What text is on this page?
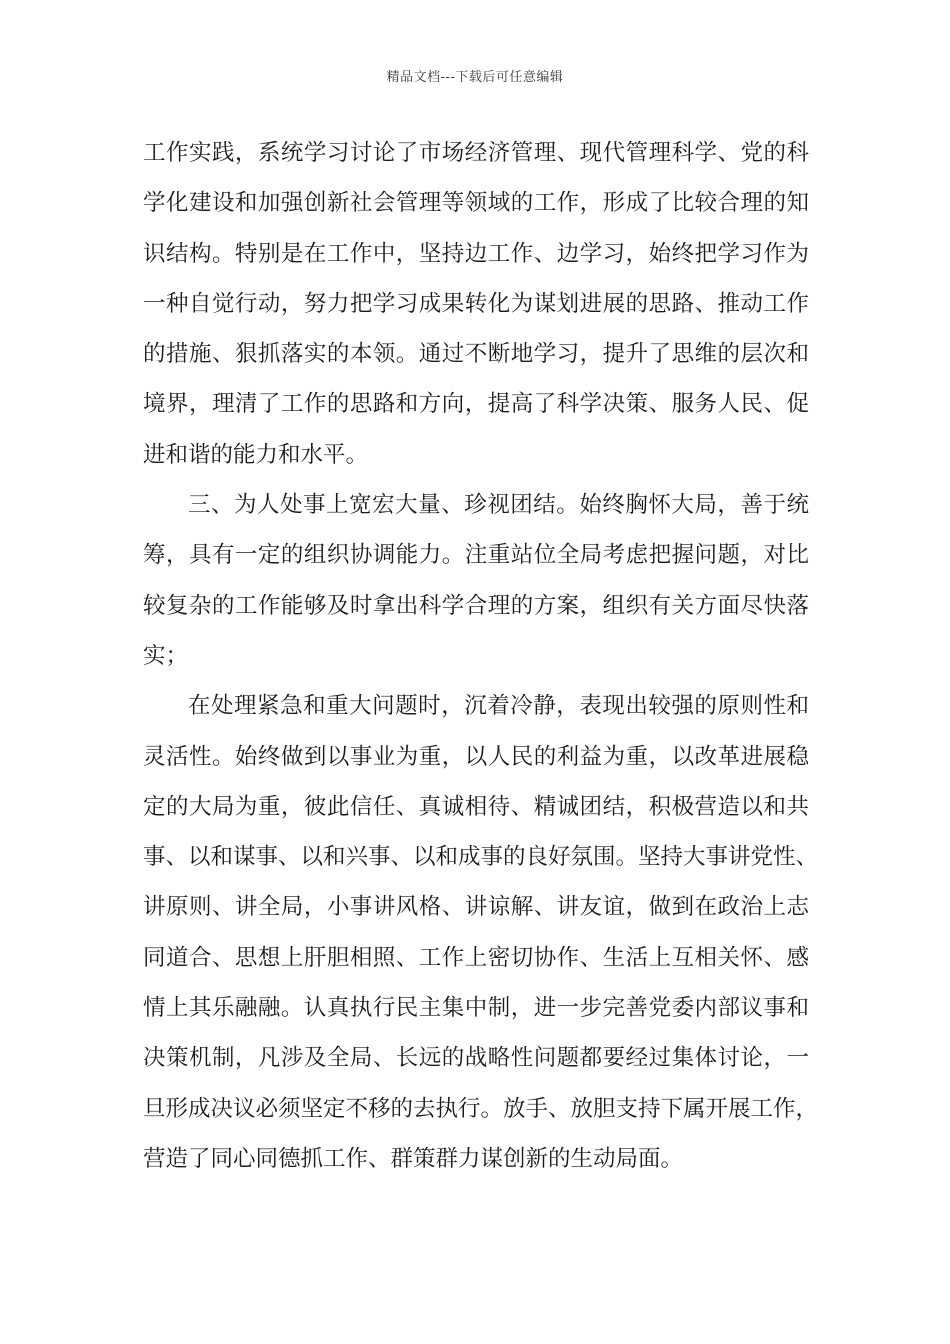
精品文档---下载后可任意编辑
工作实践，系统学习讨论了市场经济管理、现代管理科学、党的科
学化建设和加强创新社会管理等领域的工作，形成了比较合理的知
识结构。特别是在工作中，坚持边工作、边学习，始终把学习作为
一种自觉行动，努力把学习成果转化为谋划进展的思路、推动工作
的措施、狠抓落实的本领。通过不断地学习，提升了思维的层次和
境界，理清了工作的思路和方向，提高了科学决策、服务人民、促
进和谐的能力和水平。
三、为人处事上宽宏大量、珍视团结。始终胸怀大局，善于统
筹，具有一定的组织协调能力。注重站位全局考虑把握问题，对比
较复杂的工作能够及时拿出科学合理的方案，组织有关方面尽快落
实；
在处理紧急和重大问题时，沉着冷静，表现出较强的原则性和
灵活性。始终做到以事业为重，以人民的利益为重，以改革进展稳
定的大局为重，彼此信任、真诚相待、精诚团结，积极营造以和共
事、以和谋事、以和兴事、以和成事的良好氛围。坚持大事讲党性、
讲原则、讲全局，小事讲风格、讲谅解、讲友谊，做到在政治上志
同道合、思想上肝胆相照、工作上密切协作、生活上互相关怀、感
情上其乐融融。认真执行民主集中制，进一步完善党委内部议事和
决策机制，凡涉及全局、长远的战略性问题都要经过集体讨论，一
旦形成决议必须坚定不移的去执行。放手、放胆支持下属开展工作，
营造了同心同德抓工作、群策群力谋创新的生动局面。
